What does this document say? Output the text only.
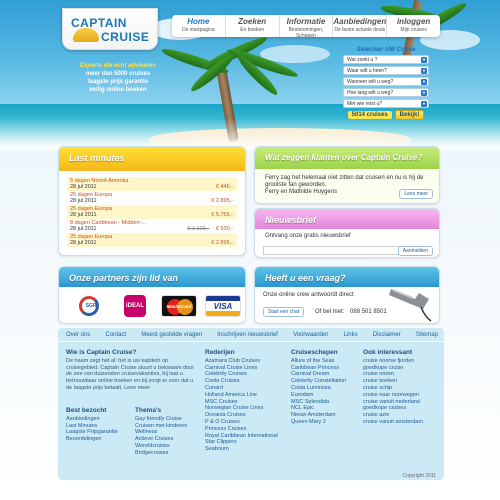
CAPTAIN
CRUISE
Home
De startpagina
Zoeken
En boeken
Informatie
Bestemmingen, Schepen
Aanbiedingen
De beste actuele deals
inloggen
Mijn cruises
Experts die echt adviseren
meer dan 5000 cruises
laagste prijs garantie
veilig online boeken
Selecteer UW Cruise
Wat zoekt u ?	▼
Waar wilt u heen?	▼
Wanneer wilt u weg?	▼
Hoe lang wilt u weg?	▼
Met wie reist u?	▼
5014 cruises	Bekijk!
Last minutes
5 dagen Noord-Amerika
28 jul 2011	€ 446,-
25 dagen Europa
28 jul 2011	€ 2.895,-
25 dagen Europa
28 jul 2011	€ 5.765,-
8 dagen Caribbean - Midden-...
28 jul 2011	€ 1.102,- € 530,-
25 dagen Europa
28 jul 2011	€ 2.895,-
Wat zeggen klanten over Captain Cruise?
Ferry zag het helemaal niet zitten dat cruisen en nu is hij de grootste fan geworden.
Ferry en Mathilde Huygens	Lees meer
Nieuwsbrief
Ontvang onze gratis nieuwsbrief
Aanmelden
Onze partners zijn lid van
SGR	iDEAL	MasterCard	VISA
Heeft u een vraag?
Onze online crew antwoordt direct
Start een chat	Of bel met: 088 501 8501
Over ons	Contact	Meest gestelde vragen	Inschrijven nieuwsbrief	Voorwaarden	Links	Disclaimer	Sitemap
Wie is Captain Cruise?
De naam zegt het al: het is uw kapitein op cruisegebied. Captain Cruise stuurt u bekwaam door de zee van duizenden cruisevakanties, bij laat u betrouwbaar online boeken en bij zorgt er voor dat u de laagste prijs betaalt. Lees meer
Best bezocht
Aanbiedingen
Last Minutes
Laagste Prijsgarantie
Beoordelingen
Thema's
Gay friendly Cruise
Cruisen met kinderen
Wellness
Actieve Cruises
Wereldcruises
Bridgecruises
Rederijen
Azamara Club Cruises
Carnival Cruise Lines
Celebrity Cruises
Costa Cruises
Cunard
Holland America Line
MSC Cruises
Norwegian Cruise Lines
Oceania Cruises
P & O Cruises
Princess Cruises
Royal Caribbean International
Star Clippers
Seabourn
Cruiseschepen
Allure of the Seas
Caribbean Princess
Carnival Dream
Celebrity Constellation
Costa Luminosa
Eurodam
MSC Splendida
NCL Epic
Nieuw Amsterdam
Queen Mary 2
Ook interessant
cruise noorse fjorden
goedkope cruise
cruise reizen
cruise boeken
cruise schip
cruise naar noorwegen
cruise vanuit nederland
goedkope cruises
cruise azie
cruise vanuit amsterdam
Copyright 2011
